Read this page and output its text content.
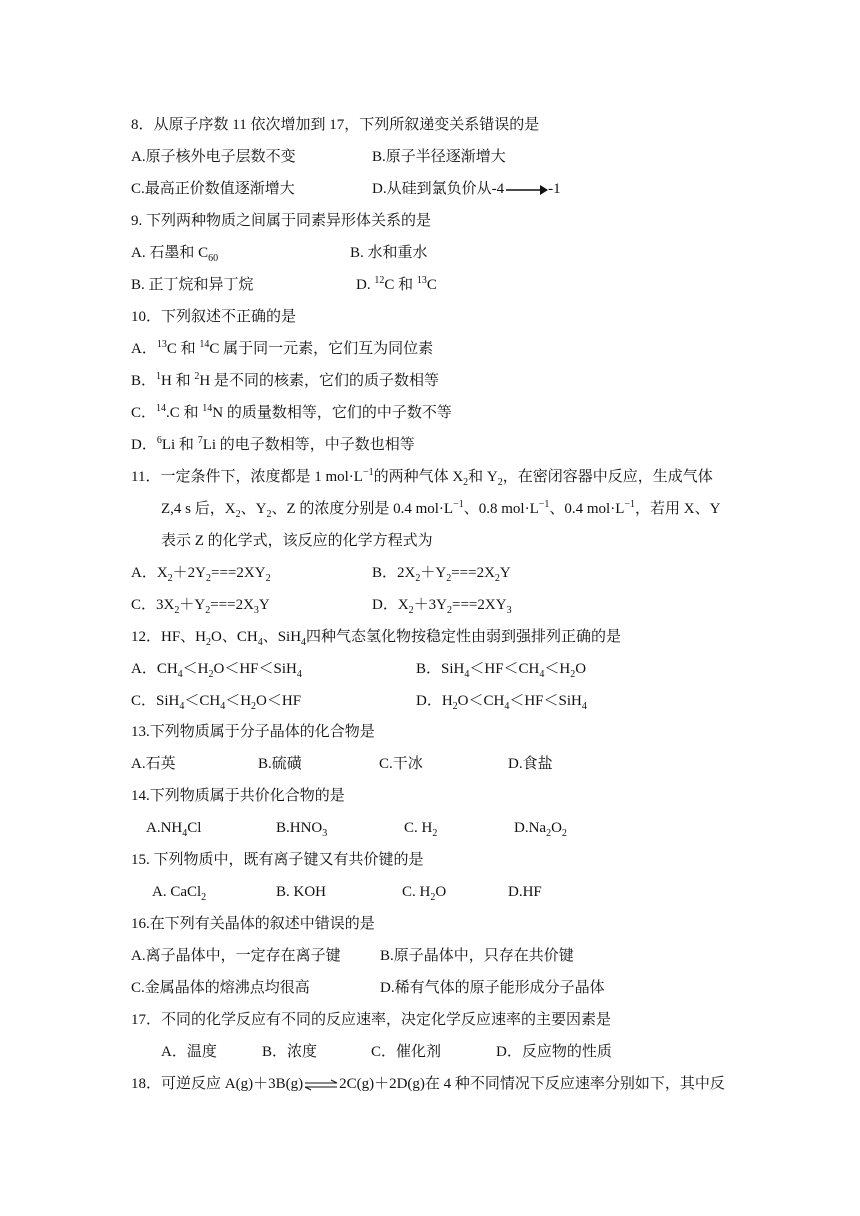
8．从原子序数 11 依次增加到 17，下列所叙递变关系错误的是
A.原子核外电子层数不变	B.原子半径逐渐增大
C.最高正价数值逐渐增大	D.从硅到氯负价从-4	-1
9. 下列两种物质之间属于同素异形体关系的是
A. 石墨和 $C_{60}$	B. 水和重水
B. 正丁烷和异丁烷	D. $^{12}$C 和 $^{13}$C
10．下列叙述不正确的是
A．$^{13}$C 和 $^{14}$C 属于同一元素，它们互为同位素
B．$^1$H 和 $^2$H 是不同的核素，它们的质子数相等
C．$^{14}$.C 和 $^{14}$N 的质量数相等，它们的中子数不等
D．$^6$Li 和 $^7$Li 的电子数相等，中子数也相等
11．一定条件下，浓度都是 1 $mol\cdot L^{-1}$的两种气体 $X_2$和 $Y_2$，在密闭容器中反应，生成气体
Z,4 s 后，$X_2$、$Y_2$、Z 的浓度分别是 0.4 $mol\cdot L^{-1}$、0.8 $mol\cdot L^{-1}$、0.4 $mol\cdot L^{-1}$，若用 X、Y
表示 Z 的化学式，该反应的化学方程式为
A．$X_2+2Y_2===2XY_2$	B．$2X_2+Y_2===2X_2Y$
C．$3X_2+Y_2===2X_3Y$	D．$X_2+3Y_2===2XY_3$
12．HF、$H_2O$、$CH_4$、SiH$_4$四种气态氢化物按稳定性由弱到强排列正确的是
A．$CH_4<H_2O<HF<SiH_4$	B．$SiH_4<HF<CH_4<H_2O$
C．$SiH_4<CH_4<H_2O<HF$	D．$H_2O<CH_4<HF<SiH_4$
13.下列物质属于分子晶体的化合物是
A.石英	B.硫磺	C.干冰	D.食盐
14.下列物质属于共价化合物的是
$A.NH_4Cl$	$B.HNO_3$	C. $H_2$	$D.Na_2O_2$
15. 下列物质中，既有离子键又有共价键的是
A. CaCl$_2$	B. KOH	C. $H_2O$	D.HF
16.在下列有关晶体的叙述中错误的是
A.离子晶体中，一定存在离子键	B.原子晶体中，只存在共价键
C.金属晶体的熔沸点均很高	D.稀有气体的原子能形成分子晶体
17．不同的化学反应有不同的反应速率，决定化学反应速率的主要因素是
A．温度	B．浓度	C．催化剂	D．反应物的性质
18．可逆反应 A(g)＋3B(g)⇌2C(g)＋2D(g)在 4 种不同情况下反应速率分别如下，其中反
